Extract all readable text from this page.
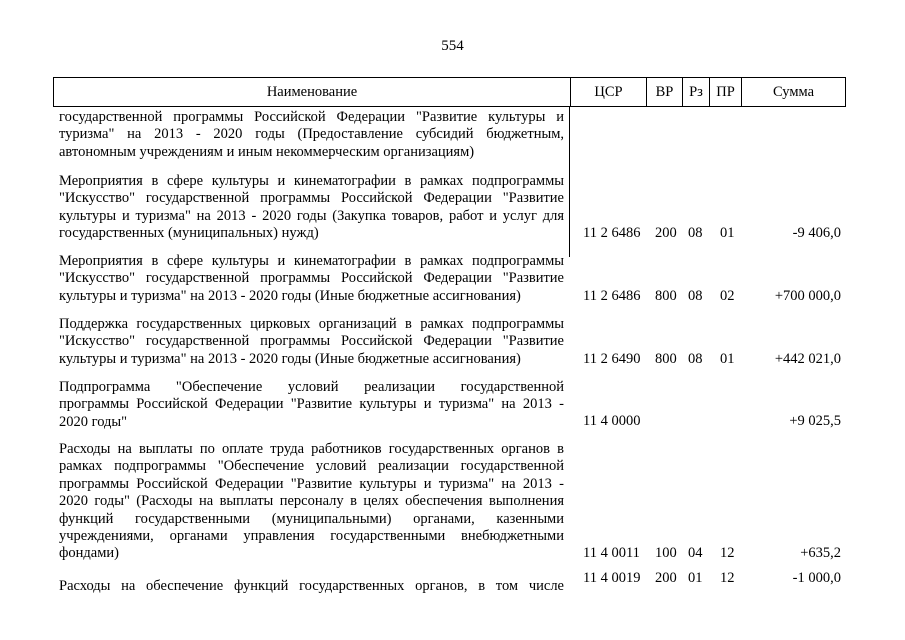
554
Наименование	ЦСР	ВР	Рз ПР	Сумма
государственной программы Российской Федерации "Развитие культуры и
туризма" на 2013 - 2020 годы (Предоставление субсидий бюджетным,
автономным учреждениям и иным некоммерческим организациям)
Мероприятия в сфере культуры и кинематографии в рамках подпрограммы
"Искусство" государственной программы Российской Федерации "Развитие
культуры и туризма" на 2013 - 2020 годы (Закупка товаров, работ и услуг для
государственных (муниципальных) нужд)	11 2 6486 200 08 01	-9 406,0
Мероприятия в сфере культуры и кинематографии в рамках подпрограммы
"Искусство" государственной программы Российской Федерации "Развитие
культуры и туризма" на 2013 - 2020 годы (Иные бюджетные ассигнования)	11 2 6486 800 08 02	+700 000,0
Поддержка государственных цирковых организаций в рамках подпрограммы
"Искусство" государственной программы Российской Федерации "Развитие
культуры и туризма" на 2013 - 2020 годы (Иные бюджетные ассигнования)	11 2 6490 800 08 01	+442 021,0
Подпрограмма "Обеспечение условий реализации государственной
программы Российской Федерации "Развитие культуры и туризма" на 2013 -
2020 годы"	11 4 0000	+9 025,5
Расходы на выплаты по оплате труда работников государственных органов в
рамках подпрограммы "Обеспечение условий реализации государственной
программы Российской Федерации "Развитие культуры и туризма" на 2013 -
2020 годы" (Расходы на выплаты персоналу в целях обеспечения выполнения
функций государственными (муниципальными) органами, казенными
учреждениями, органами управления государственными внебюджетными
фондами)	11 4 0011 100 04 12	+635,2
Расходы на обеспечение функций государственных органов, в том числе 11 4 0019 200 01 12	-1 000,0
